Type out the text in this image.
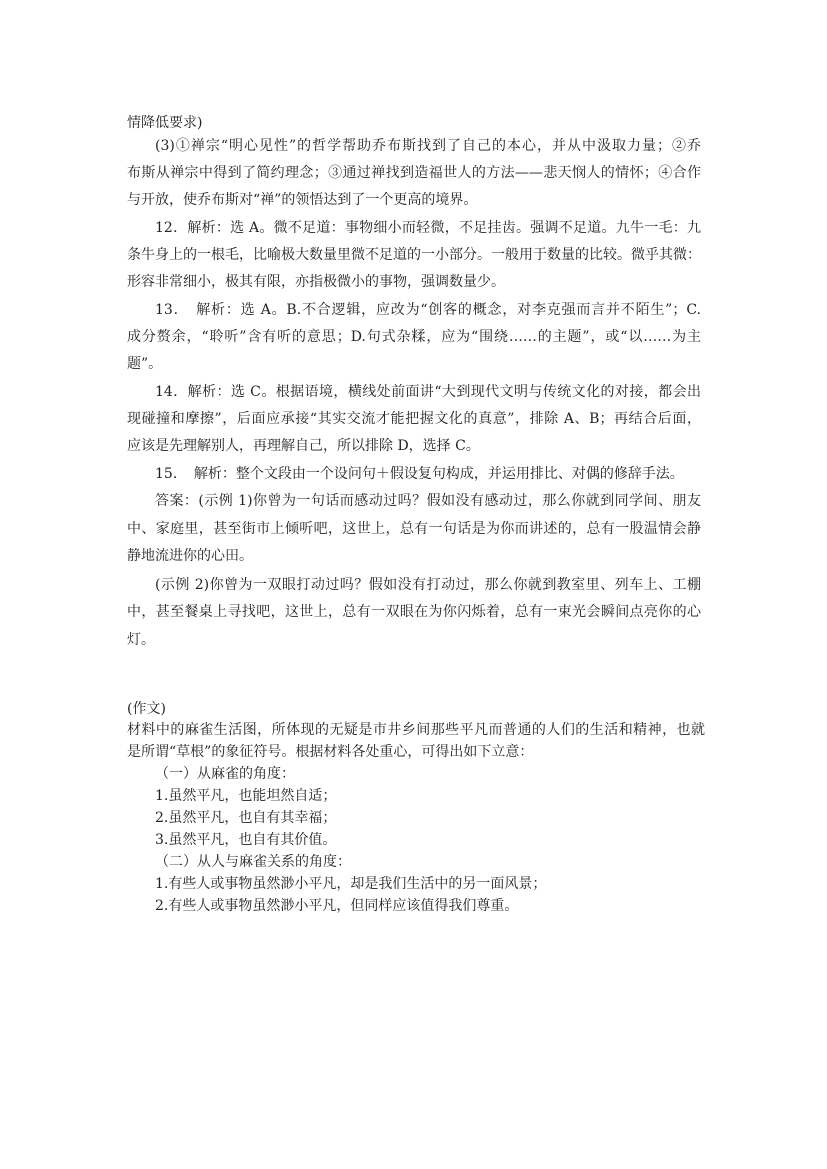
情降低要求)
(3)①禅宗“明心见性”的哲学帮助乔布斯找到了自己的本心，并从中汲取力量；②乔
布斯从禅宗中得到了简约理念；③通过禅找到造福世人的方法——悲天悯人的情怀；④合作
与开放，使乔布斯对“禅”的领悟达到了一个更高的境界。
12．解析：选 A。微不足道：事物细小而轻微，不足挂齿。强调不足道。九牛一毛：九
条牛身上的一根毛，比喻极大数量里微不足道的一小部分。一般用于数量的比较。微乎其微：
形容非常细小，极其有限，亦指极微小的事物，强调数量少。
13．　解析：选 A。B.不合逻辑，应改为“创客的概念，对李克强而言并不陌生”；C.
成分赘余，“聆听”含有听的意思；D.句式杂糅，应为“围绕……的主题”，或“以……为主
题”。
14．解析：选 C。根据语境，横线处前面讲“大到现代文明与传统文化的对接，都会出
现碰撞和摩擦”，后面应承接“其实交流才能把握文化的真意”，排除 A、B；再结合后面，
应该是先理解别人，再理解自己，所以排除 D，选择 C。
15．　解析：整个文段由一个设问句＋假设复句构成，并运用排比、对偶的修辞手法。
答案：(示例 1)你曾为一句话而感动过吗？假如没有感动过，那么你就到同学间、朋友
中、家庭里，甚至街市上倾听吧，这世上，总有一句话是为你而讲述的，总有一股温情会静
静地流进你的心田。
(示例 2)你曾为一双眼打动过吗？假如没有打动过，那么你就到教室里、列车上、工棚
中，甚至餐桌上寻找吧，这世上，总有一双眼在为你闪烁着，总有一束光会瞬间点亮你的心
灯。
(作文)
材料中的麻雀生活图，所体现的无疑是市井乡间那些平凡而普通的人们的生活和精神，也就
是所谓“草根”的象征符号。根据材料各处重心，可得出如下立意：
（一）从麻雀的角度：
1.虽然平凡，也能坦然自适；
2.虽然平凡，也自有其幸福；
3.虽然平凡，也自有其价值。
（二）从人与麻雀关系的角度：
1.有些人或事物虽然渺小平凡，却是我们生活中的另一面风景；
2.有些人或事物虽然渺小平凡，但同样应该值得我们尊重。
